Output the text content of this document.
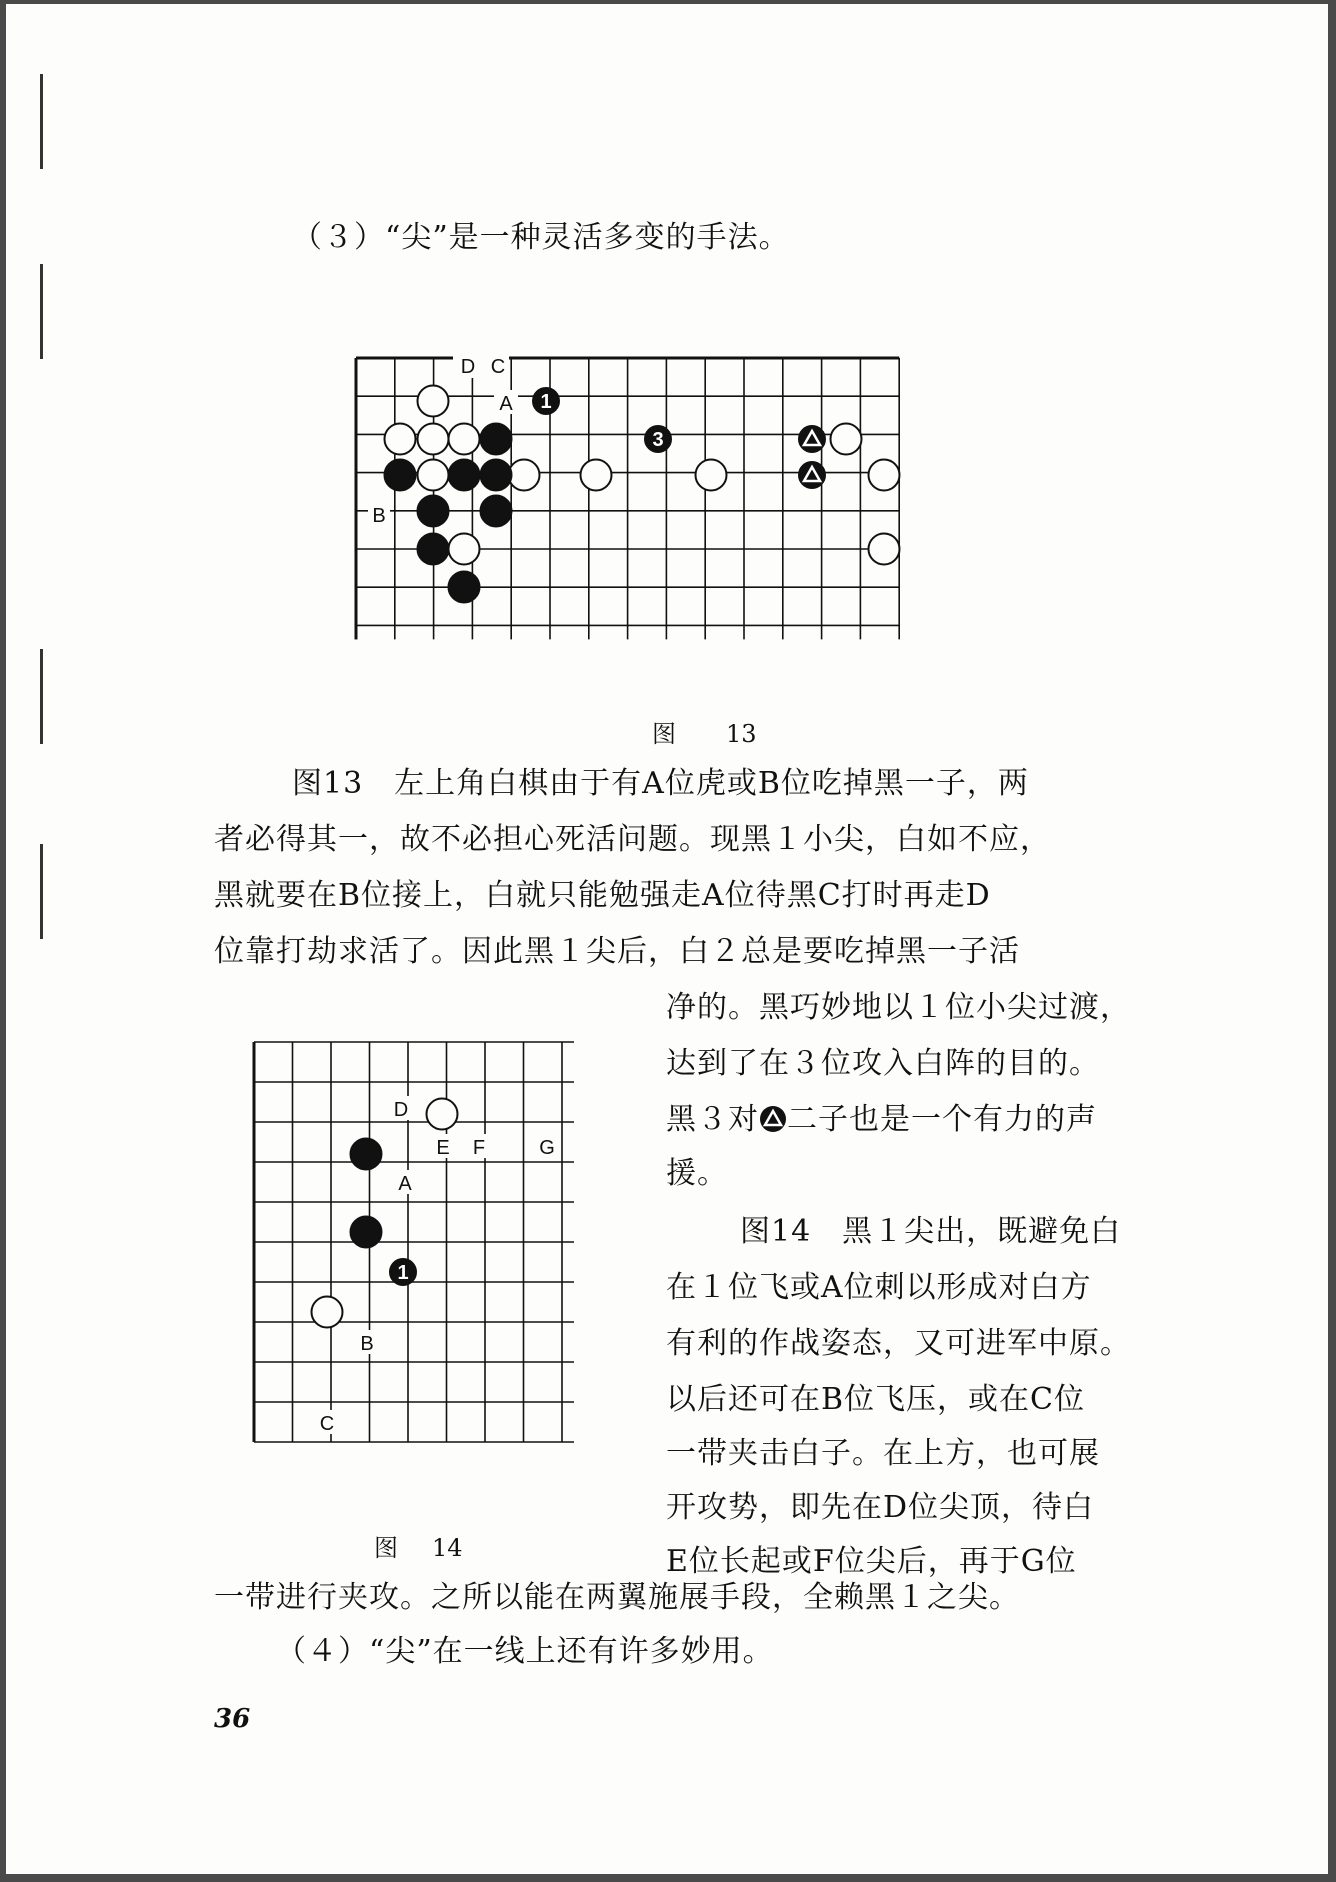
（３）“尖”是一种灵活多变的手法。
1
3
D C
A
B
图 13
图13　左上角白棋由于有A位虎或B位吃掉黑一子，两
者必得其一，故不必担心死活问题。现黑１小尖，白如不应，
黑就要在B位接上，白就只能勉强走A位待黑C打时再走D
位靠打劫求活了。因此黑１尖后，白２总是要吃掉黑一子活
净的。黑巧妙地以１位小尖过渡，
达到了在３位攻入白阵的目的。
黑３对 二子也是一个有力的声
援。
1
D
E F	G
A
B
C
图 14
图14　黑１尖出，既避免白
在１位飞或A位刺以形成对白方
有利的作战姿态，又可进军中原。
以后还可在B位飞压，或在C位
一带夹击白子。在上方，也可展
开攻势，即先在D位尖顶，待白
E位长起或F位尖后，再于G位
一带进行夹攻。之所以能在两翼施展手段，全赖黑１之尖。
（４）“尖”在一线上还有许多妙用。
36
